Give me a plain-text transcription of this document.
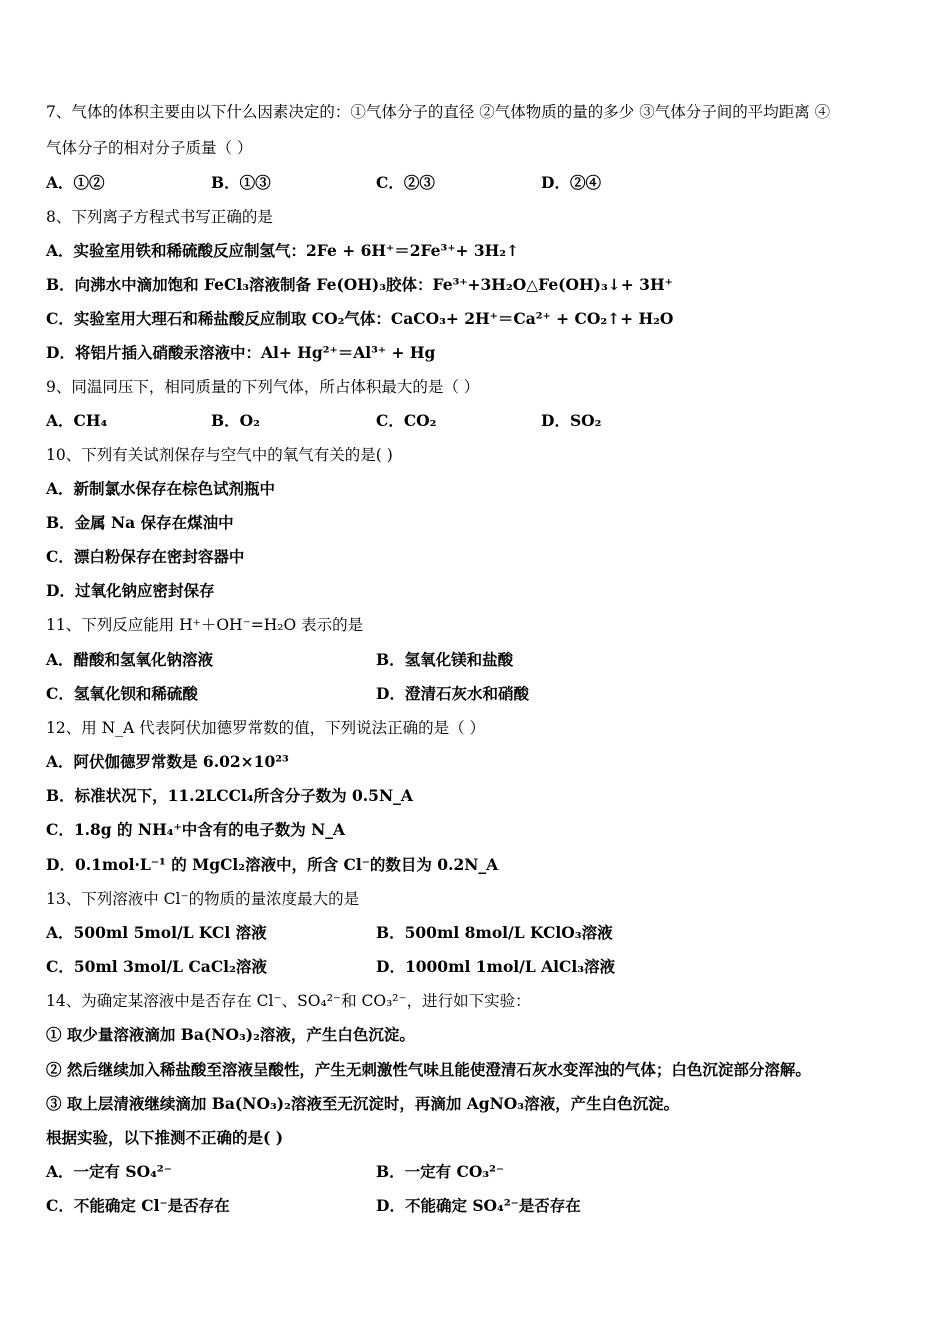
7、气体的体积主要由以下什么因素决定的：①气体分子的直径 ②气体物质的量的多少 ③气体分子间的平均距离 ④
气体分子的相对分子质量（ ）
A．①②	B．①③	C．②③	D．②④
8、下列离子方程式书写正确的是
A．实验室用铁和稀硫酸反应制氢气：2Fe + 6H⁺＝2Fe³⁺+ 3H₂↑
B．向沸水中滴加饱和 FeCl₃溶液制备 Fe(OH)₃胶体：Fe³⁺+3H₂O△Fe(OH)₃↓+ 3H⁺
C．实验室用大理石和稀盐酸反应制取 CO₂气体：CaCO₃+ 2H⁺＝Ca²⁺ + CO₂↑+ H₂O
D．将铝片插入硝酸汞溶液中：Al+ Hg²⁺＝Al³⁺ + Hg
9、同温同压下，相同质量的下列气体，所占体积最大的是（ ）
A．CH₄	B．O₂	C．CO₂	D．SO₂
10、下列有关试剂保存与空气中的氧气有关的是( )
A．新制氯水保存在棕色试剂瓶中
B．金属 Na 保存在煤油中
C．漂白粉保存在密封容器中
D．过氧化钠应密封保存
11、下列反应能用 H⁺＋OH⁻=H₂O 表示的是
A．醋酸和氢氧化钠溶液	B．氢氧化镁和盐酸
C．氢氧化钡和稀硫酸	D．澄清石灰水和硝酸
12、用 N_A 代表阿伏加德罗常数的值，下列说法正确的是（ ）
A．阿伏伽德罗常数是 6.02×10²³
B．标准状况下，11.2LCCl₄所含分子数为 0.5N_A
C．1.8g 的 NH₄⁺中含有的电子数为 N_A
D．0.1mol·L⁻¹ 的 MgCl₂溶液中，所含 Cl⁻的数目为 0.2N_A
13、下列溶液中 Cl⁻的物质的量浓度最大的是
A．500ml 5mol/L KCl 溶液	B．500ml 8mol/L KClO₃溶液
C．50ml 3mol/L CaCl₂溶液	D．1000ml 1mol/L AlCl₃溶液
14、为确定某溶液中是否存在 Cl⁻、SO₄²⁻和 CO₃²⁻，进行如下实验：
① 取少量溶液滴加 Ba(NO₃)₂溶液，产生白色沉淀。
② 然后继续加入稀盐酸至溶液呈酸性，产生无刺激性气味且能使澄清石灰水变浑浊的气体；白色沉淀部分溶解。
③ 取上层清液继续滴加 Ba(NO₃)₂溶液至无沉淀时，再滴加 AgNO₃溶液，产生白色沉淀。
根据实验，以下推测不正确的是( )
A．一定有 SO₄²⁻	B．一定有 CO₃²⁻
C．不能确定 Cl⁻是否存在	D．不能确定 SO₄²⁻是否存在
